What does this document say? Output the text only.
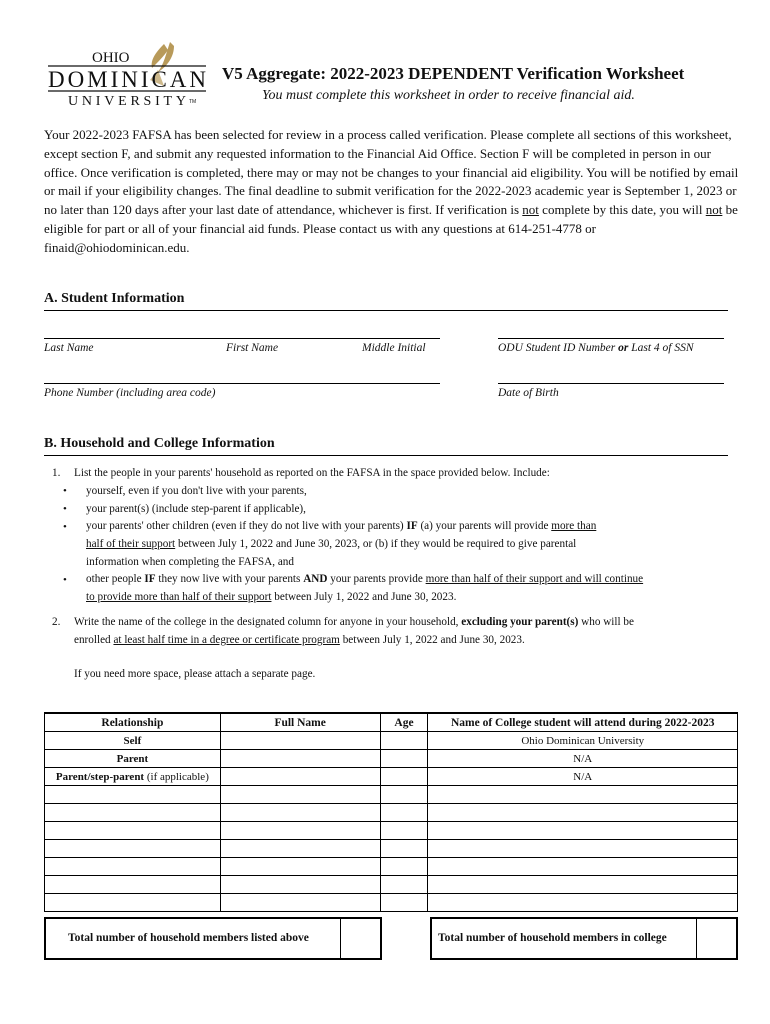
OHIO
DOMINICAN
UNIVERSITY TM
V5 Aggregate: 2022-2023 DEPENDENT Verification Worksheet
You must complete this worksheet in order to receive financial aid.
Your 2022-2023 FAFSA has been selected for review in a process called verification. Please complete all sections of this worksheet, except section F, and submit any requested information to the Financial Aid Office. Section F will be completed in person in our office. Once verification is completed, there may or may not be changes to your financial aid eligibility. You will be notified by email or mail if your eligibility changes. The final deadline to submit verification for the 2022-2023 academic year is September 1, 2023 or no later than 120 days after your last date of attendance, whichever is first. If verification is not complete by this date, you will not be eligible for part or all of your financial aid funds. Please contact us with any questions at 614-251-4778 or finaid@ohiodominican.edu.
A. Student Information
Last Name	First Name	Middle Initial	ODU Student ID Number or Last 4 of SSN
Phone Number (including area code)	Date of Birth
B. Household and College Information
1. List the people in your parents' household as reported on the FAFSA in the space provided below. Include:
• yourself, even if you don't live with your parents,
• your parent(s) (include step-parent if applicable),
• your parents' other children (even if they do not live with your parents) IF (a) your parents will provide more than
half of their support between July 1, 2022 and June 30, 2023, or (b) if they would be required to give parental
information when completing the FAFSA, and
• other people IF they now live with your parents AND your parents provide more than half of their support and will continue
to provide more than half of their support between July 1, 2022 and June 30, 2023.
2. Write the name of the college in the designated column for anyone in your household, excluding your parent(s) who will be
enrolled at least half time in a degree or certificate program between July 1, 2022 and June 30, 2023.
If you need more space, please attach a separate page.
Relationship	Full Name	Age	Name of College student will attend during 2022-2023
Self			Ohio Dominican University
Parent			N/A
Parent/step-parent (if applicable)			N/A

Total number of household members listed above	Total number of household members in college
